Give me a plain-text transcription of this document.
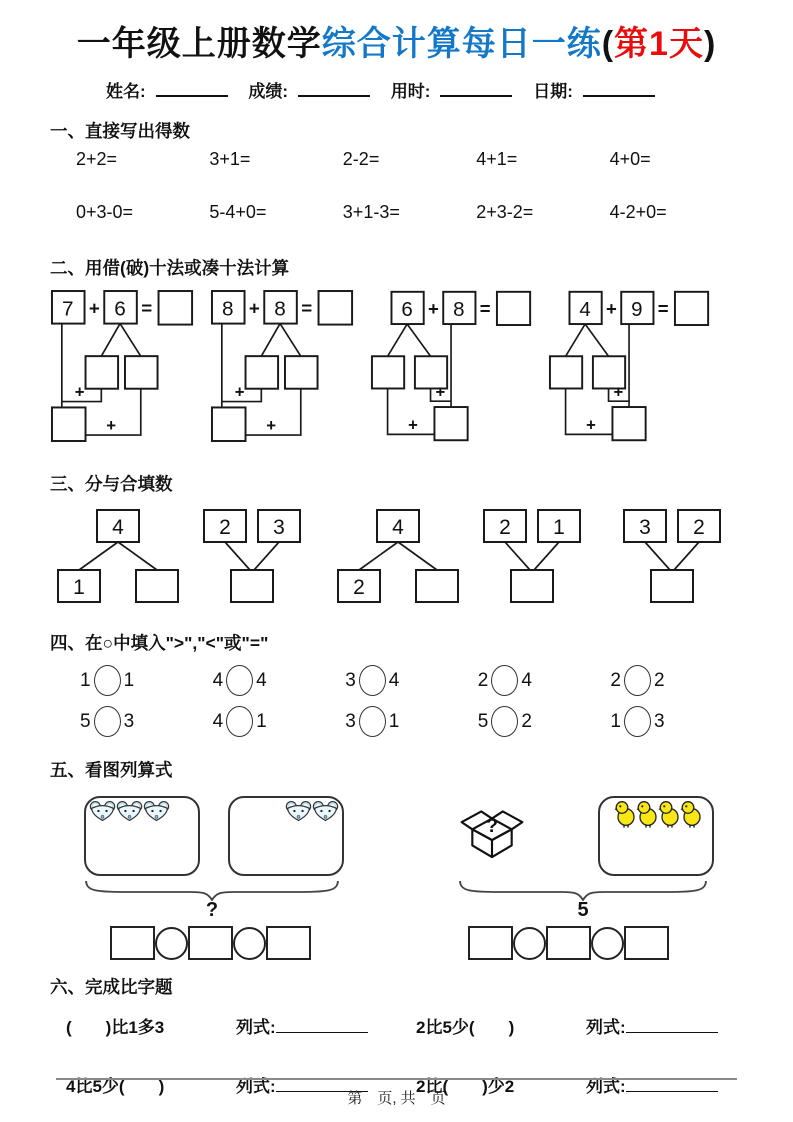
一年级上册数学综合计算每日一练(第1天)
姓名:	成绩:	用时:	日期:
一、直接写出得数
2+2=	3+1=	2-2=	4+1=	4+0=
0+3-0=	5-4+0=	3+1-3=	2+3-2=	4-2+0=
二、用借(破)十法或凑十法计算
7 + 6 =
+
+
8 + 8 =
+
+
6 + 8 =
+
+
4 + 9 =
+
+
三、分与合填数
4
1
2 3	4
2
2 1	3 2
四、在○中填入">","<"或"="
1 1	4 4	3 4	2 4	2 2
5 3	4 1	3 1	5 2	1 3
五、看图列算式
?
?
5
六、完成比字题
(　　)比1多3	列式:	2比5少(　　)	列式:
4比5少(　　)	列式:	2比(　　)少2	列式:
第　页, 共　页
